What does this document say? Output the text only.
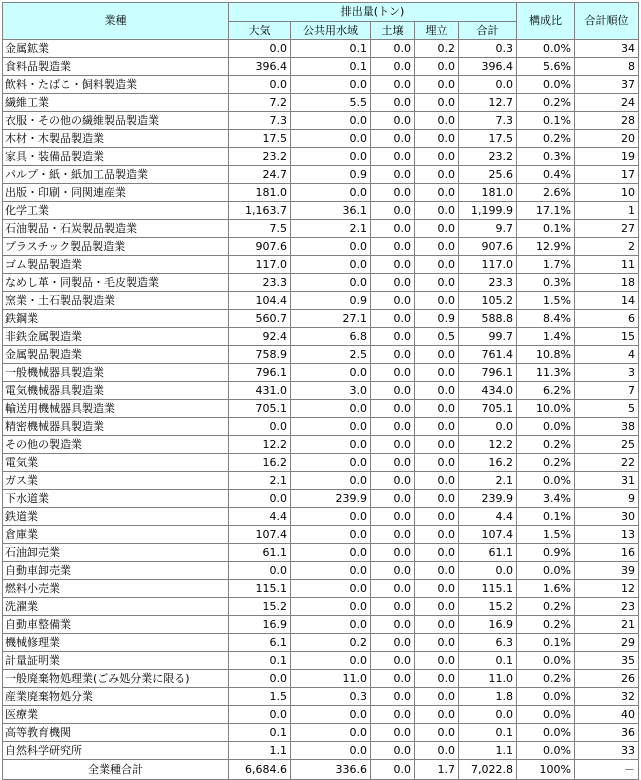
業種	排出量(トン)					構成比	合計順位
	大気	公共用水域	土壌	埋立	合計		
金属鉱業	0.0	0.1	0.0	0.2	0.3	0.0%	34
食料品製造業	396.4	0.1	0.0	0.0	396.4	5.6%	8
飲料・たばこ・飼料製造業	0.0	0.0	0.0	0.0	0.0	0.0%	37
繊維工業	7.2	5.5	0.0	0.0	12.7	0.2%	24
衣服・その他の繊維製品製造業	7.3	0.0	0.0	0.0	7.3	0.1%	28
木材・木製品製造業	17.5	0.0	0.0	0.0	17.5	0.2%	20
家具・装備品製造業	23.2	0.0	0.0	0.0	23.2	0.3%	19
パルプ・紙・紙加工品製造業	24.7	0.9	0.0	0.0	25.6	0.4%	17
出版・印刷・同関連産業	181.0	0.0	0.0	0.0	181.0	2.6%	10
化学工業	1,163.7	36.1	0.0	0.0	1,199.9	17.1%	1
石油製品・石炭製品製造業	7.5	2.1	0.0	0.0	9.7	0.1%	27
プラスチック製品製造業	907.6	0.0	0.0	0.0	907.6	12.9%	2
ゴム製品製造業	117.0	0.0	0.0	0.0	117.0	1.7%	11
なめし革・同製品・毛皮製造業	23.3	0.0	0.0	0.0	23.3	0.3%	18
窯業・土石製品製造業	104.4	0.9	0.0	0.0	105.2	1.5%	14
鉄鋼業	560.7	27.1	0.0	0.9	588.8	8.4%	6
非鉄金属製造業	92.4	6.8	0.0	0.5	99.7	1.4%	15
金属製品製造業	758.9	2.5	0.0	0.0	761.4	10.8%	4
一般機械器具製造業	796.1	0.0	0.0	0.0	796.1	11.3%	3
電気機械器具製造業	431.0	3.0	0.0	0.0	434.0	6.2%	7
輸送用機械器具製造業	705.1	0.0	0.0	0.0	705.1	10.0%	5
精密機械器具製造業	0.0	0.0	0.0	0.0	0.0	0.0%	38
その他の製造業	12.2	0.0	0.0	0.0	12.2	0.2%	25
電気業	16.2	0.0	0.0	0.0	16.2	0.2%	22
ガス業	2.1	0.0	0.0	0.0	2.1	0.0%	31
下水道業	0.0	239.9	0.0	0.0	239.9	3.4%	9
鉄道業	4.4	0.0	0.0	0.0	4.4	0.1%	30
倉庫業	107.4	0.0	0.0	0.0	107.4	1.5%	13
石油卸売業	61.1	0.0	0.0	0.0	61.1	0.9%	16
自動車卸売業	0.0	0.0	0.0	0.0	0.0	0.0%	39
燃料小売業	115.1	0.0	0.0	0.0	115.1	1.6%	12
洗濯業	15.2	0.0	0.0	0.0	15.2	0.2%	23
自動車整備業	16.9	0.0	0.0	0.0	16.9	0.2%	21
機械修理業	6.1	0.2	0.0	0.0	6.3	0.1%	29
計量証明業	0.1	0.0	0.0	0.0	0.1	0.0%	35
一般廃棄物処理業(ごみ処分業に限る)	0.0	11.0	0.0	0.0	11.0	0.2%	26
産業廃棄物処分業	1.5	0.3	0.0	0.0	1.8	0.0%	32
医療業	0.0	0.0	0.0	0.0	0.0	0.0%	40
高等教育機関	0.1	0.0	0.0	0.0	0.1	0.0%	36
自然科学研究所	1.1	0.0	0.0	0.0	1.1	0.0%	33
全業種合計	6,684.6	336.6	0.0	1.7	7,022.8	100%	－
